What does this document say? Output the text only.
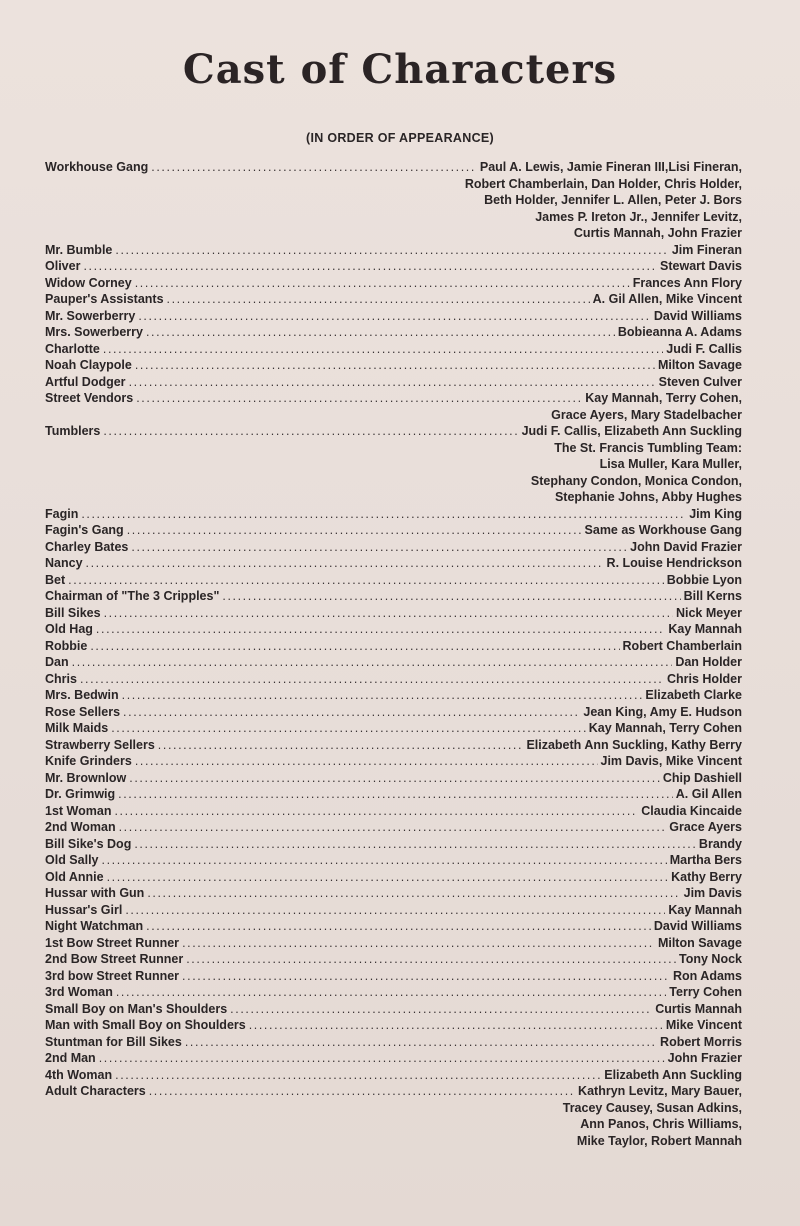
Cast of Characters
(IN ORDER OF APPEARANCE)
Workhouse Gang .....	Paul A. Lewis, Jamie Fineran III,Lisi Fineran,
Robert Chamberlain, Dan Holder, Chris Holder,
Beth Holder, Jennifer L. Allen, Peter J. Bors
James P. Ireton Jr., Jennifer Levitz,
Curtis Mannah, John Frazier
Mr. Bumble .....	Jim Fineran
Oliver .....	Stewart Davis
Widow Corney .....	Frances Ann Flory
Pauper's Assistants .....	A. Gil Allen, Mike Vincent
Mr. Sowerberry .....	David Williams
Mrs. Sowerberry .....	Bobieanna A. Adams
Charlotte .....	Judi F. Callis
Noah Claypole .....	Milton Savage
Artful Dodger .....	Steven Culver
Street Vendors .....	Kay Mannah, Terry Cohen,
Grace Ayers, Mary Stadelbacher
Tumblers .....	Judi F. Callis, Elizabeth Ann Suckling
The St. Francis Tumbling Team:
Lisa Muller, Kara Muller,
Stephany Condon, Monica Condon,
Stephanie Johns, Abby Hughes
Fagin .....	Jim King
Fagin's Gang .....	Same as Workhouse Gang
Charley Bates .....	John David Frazier
Nancy .....	R. Louise Hendrickson
Bet .....	Bobbie Lyon
Chairman of "The 3 Cripples" .....	Bill Kerns
Bill Sikes .....	Nick Meyer
Old Hag .....	Kay Mannah
Robbie .....	Robert Chamberlain
Dan .....	Dan Holder
Chris .....	Chris Holder
Mrs. Bedwin .....	Elizabeth Clarke
Rose Sellers .....	Jean King, Amy E. Hudson
Milk Maids .....	Kay Mannah, Terry Cohen
Strawberry Sellers .....	Elizabeth Ann Suckling, Kathy Berry
Knife Grinders .....	Jim Davis, Mike Vincent
Mr. Brownlow .....	Chip Dashiell
Dr. Grimwig .....	A. Gil Allen
1st Woman .....	Claudia Kincaide
2nd Woman .....	Grace Ayers
Bill Sike's Dog .....	Brandy
Old Sally .....	Martha Bers
Old Annie .....	Kathy Berry
Hussar with Gun .....	Jim Davis
Hussar's Girl .....	Kay Mannah
Night Watchman .....	David Williams
1st Bow Street Runner .....	Milton Savage
2nd Bow Street Runner .....	Tony Nock
3rd bow Street Runner .....	Ron Adams
3rd Woman .....	Terry Cohen
Small Boy on Man's Shoulders .....	Curtis Mannah
Man with Small Boy on Shoulders .....	Mike Vincent
Stuntman for Bill Sikes .....	Robert Morris
2nd Man .....	John Frazier
4th Woman .....	Elizabeth Ann Suckling
Adult Characters .....	Kathryn Levitz, Mary Bauer,
Tracey Causey, Susan Adkins,
Ann Panos, Chris Williams,
Mike Taylor, Robert Mannah
